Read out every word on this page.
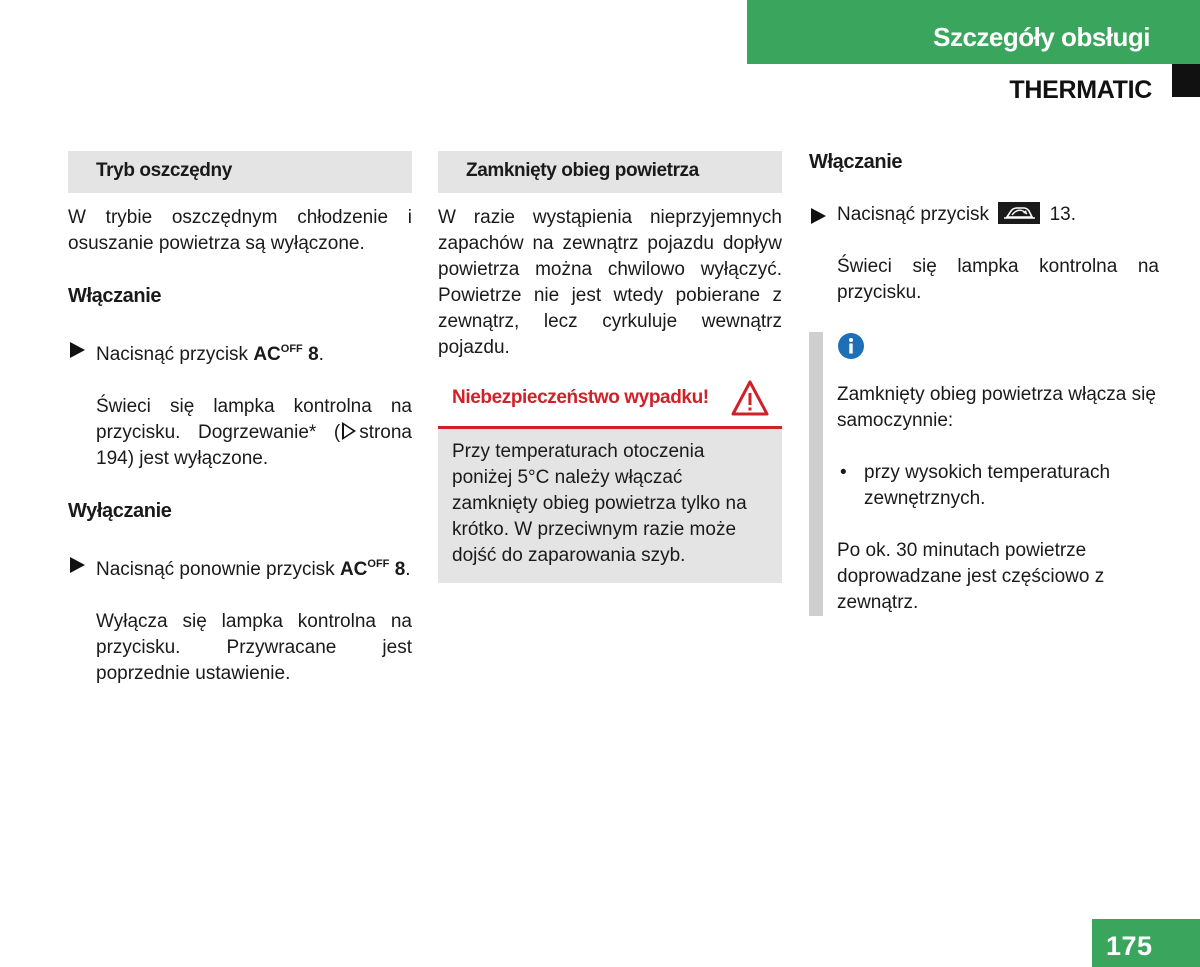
Szczegóły obsługi
THERMATIC
Tryb oszczędny

W trybie oszczędnym chłodzenie i osuszanie powietrza są wyłączone.

Włączanie
Nacisnąć przycisk $AC^{OFF}$ 8.
Świeci się lampka kontrolna na przycisku. Dogrzewanie* ( strona 194) jest wyłączone.
Wyłączanie
Nacisnąć ponownie przycisk $AC^{OFF}$ 8.
Wyłącza się lampka kontrolna na przycisku. Przywracane jest poprzednie ustawienie.
Zamknięty obieg powietrza

W razie wystąpienia nieprzyjemnych zapachów na zewnątrz pojazdu dopływ powietrza można chwilowo wyłączyć. Powietrze nie jest wtedy pobierane z zewnątrz, lecz cyrkuluje wewnątrz pojazdu.

Niebezpieczeństwo wypadku!
Przy temperaturach otoczenia poniżej 5°C należy włączać zamknięty obieg powietrza tylko na krótko. W przeciwnym razie może dojść do zaparowania szyb.
Włączanie
Nacisnąć przycisk	13.
Świeci się lampka kontrolna na przycisku.

Zamknięty obieg powietrza włącza się samoczynnie:

• przy wysokich temperaturach zewnętrznych.

Po ok. 30 minutach powietrze doprowadzane jest częściowo z zewnątrz.

175
